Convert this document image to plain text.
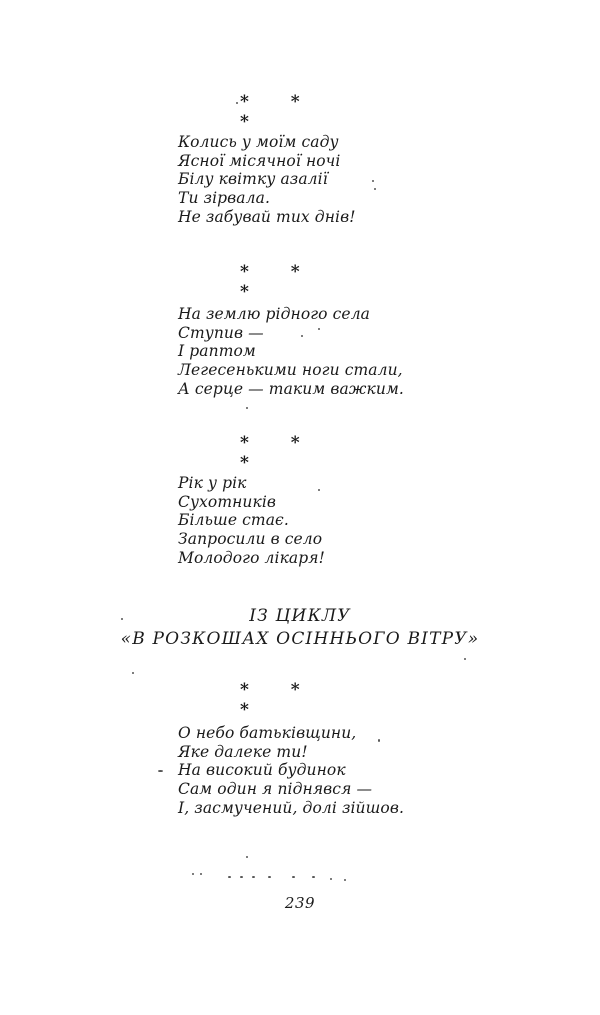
* * *
Колись у моїм саду
Ясної місячної ночі
Білу квітку азалії
Ти зірвала.
Не забувай тих днів!
* * *
На землю рідного села
Ступив —
І раптом
Легесенькими ноги стали,
А серце — таким важким.
* * *
Рік у рік
Сухотників
Більше стає.
Запросили в село
Молодого лікаря!
ІЗ ЦИКЛУ
«В РОЗКОШАХ ОСІННЬОГО ВІТРУ»
* * *
О небо батьківщини,
Яке далеке ти!
На високий будинок
Сам один я піднявся —
І, засмучений, долі зійшов.
239
